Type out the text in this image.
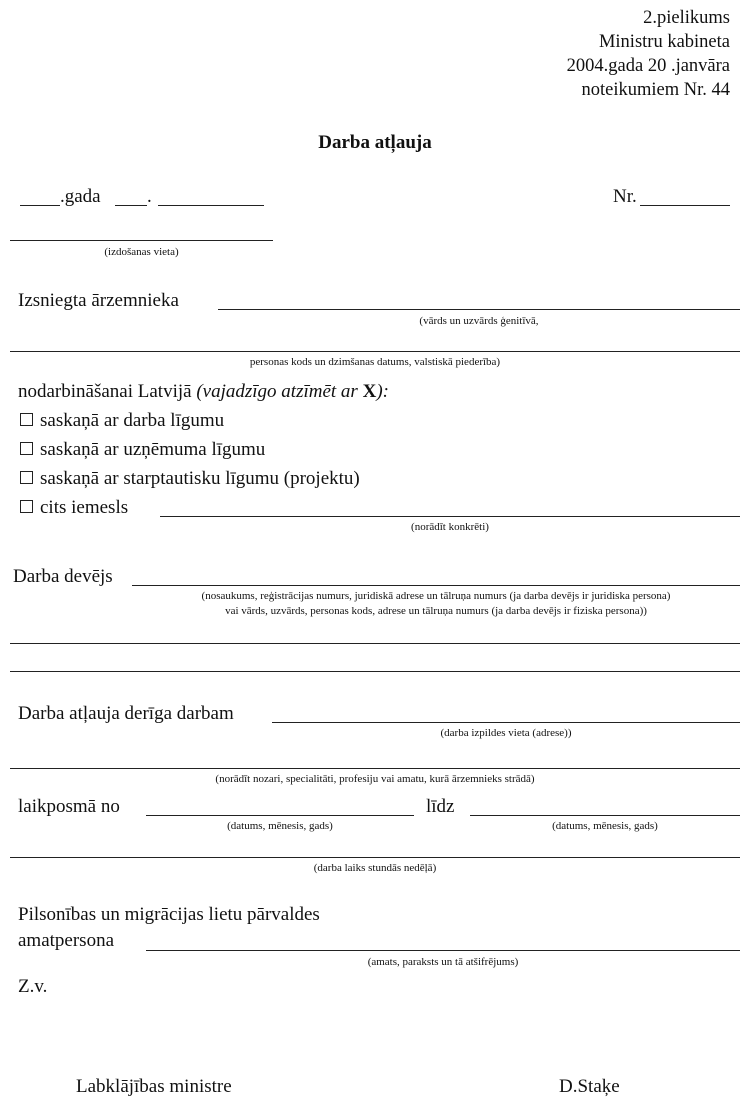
2.pielikums
Ministru kabineta
2004.gada 20 .janvāra
noteikumiem Nr. 44
Darba atļauja
.gada .	Nr.
(izdošanas vieta)
Izsniegta ārzemnieka
(vārds un uzvārds ģenitīvā,
personas kods un dzimšanas datums, valstiskā piederība)
nodarbināšanai Latvijā (vajadzīgo atzīmēt ar X):
saskaņā ar darba līgumu
saskaņā ar uzņēmuma līgumu
saskaņā ar starptautisku līgumu (projektu)
cits iemesls
(norādīt konkrēti)
Darba devējs
(nosaukums, reģistrācijas numurs, juridiskā adrese un tālruņa numurs (ja darba devējs ir juridiska persona)
vai vārds, uzvārds, personas kods, adrese un tālruņa numurs (ja darba devējs ir fiziska persona))
Darba atļauja derīga darbam
(darba izpildes vieta (adrese))
(norādīt nozari, specialitāti, profesiju vai amatu, kurā ārzemnieks strādā)
laikposmā no
(datums, mēnesis, gads)
līdz
(datums, mēnesis, gads)
(darba laiks stundās nedēļā)
Pilsonības un migrācijas lietu pārvaldes
amatpersona
(amats, paraksts un tā atšifrējums)
Z.v.
Labklājības ministre	D.Staķe
